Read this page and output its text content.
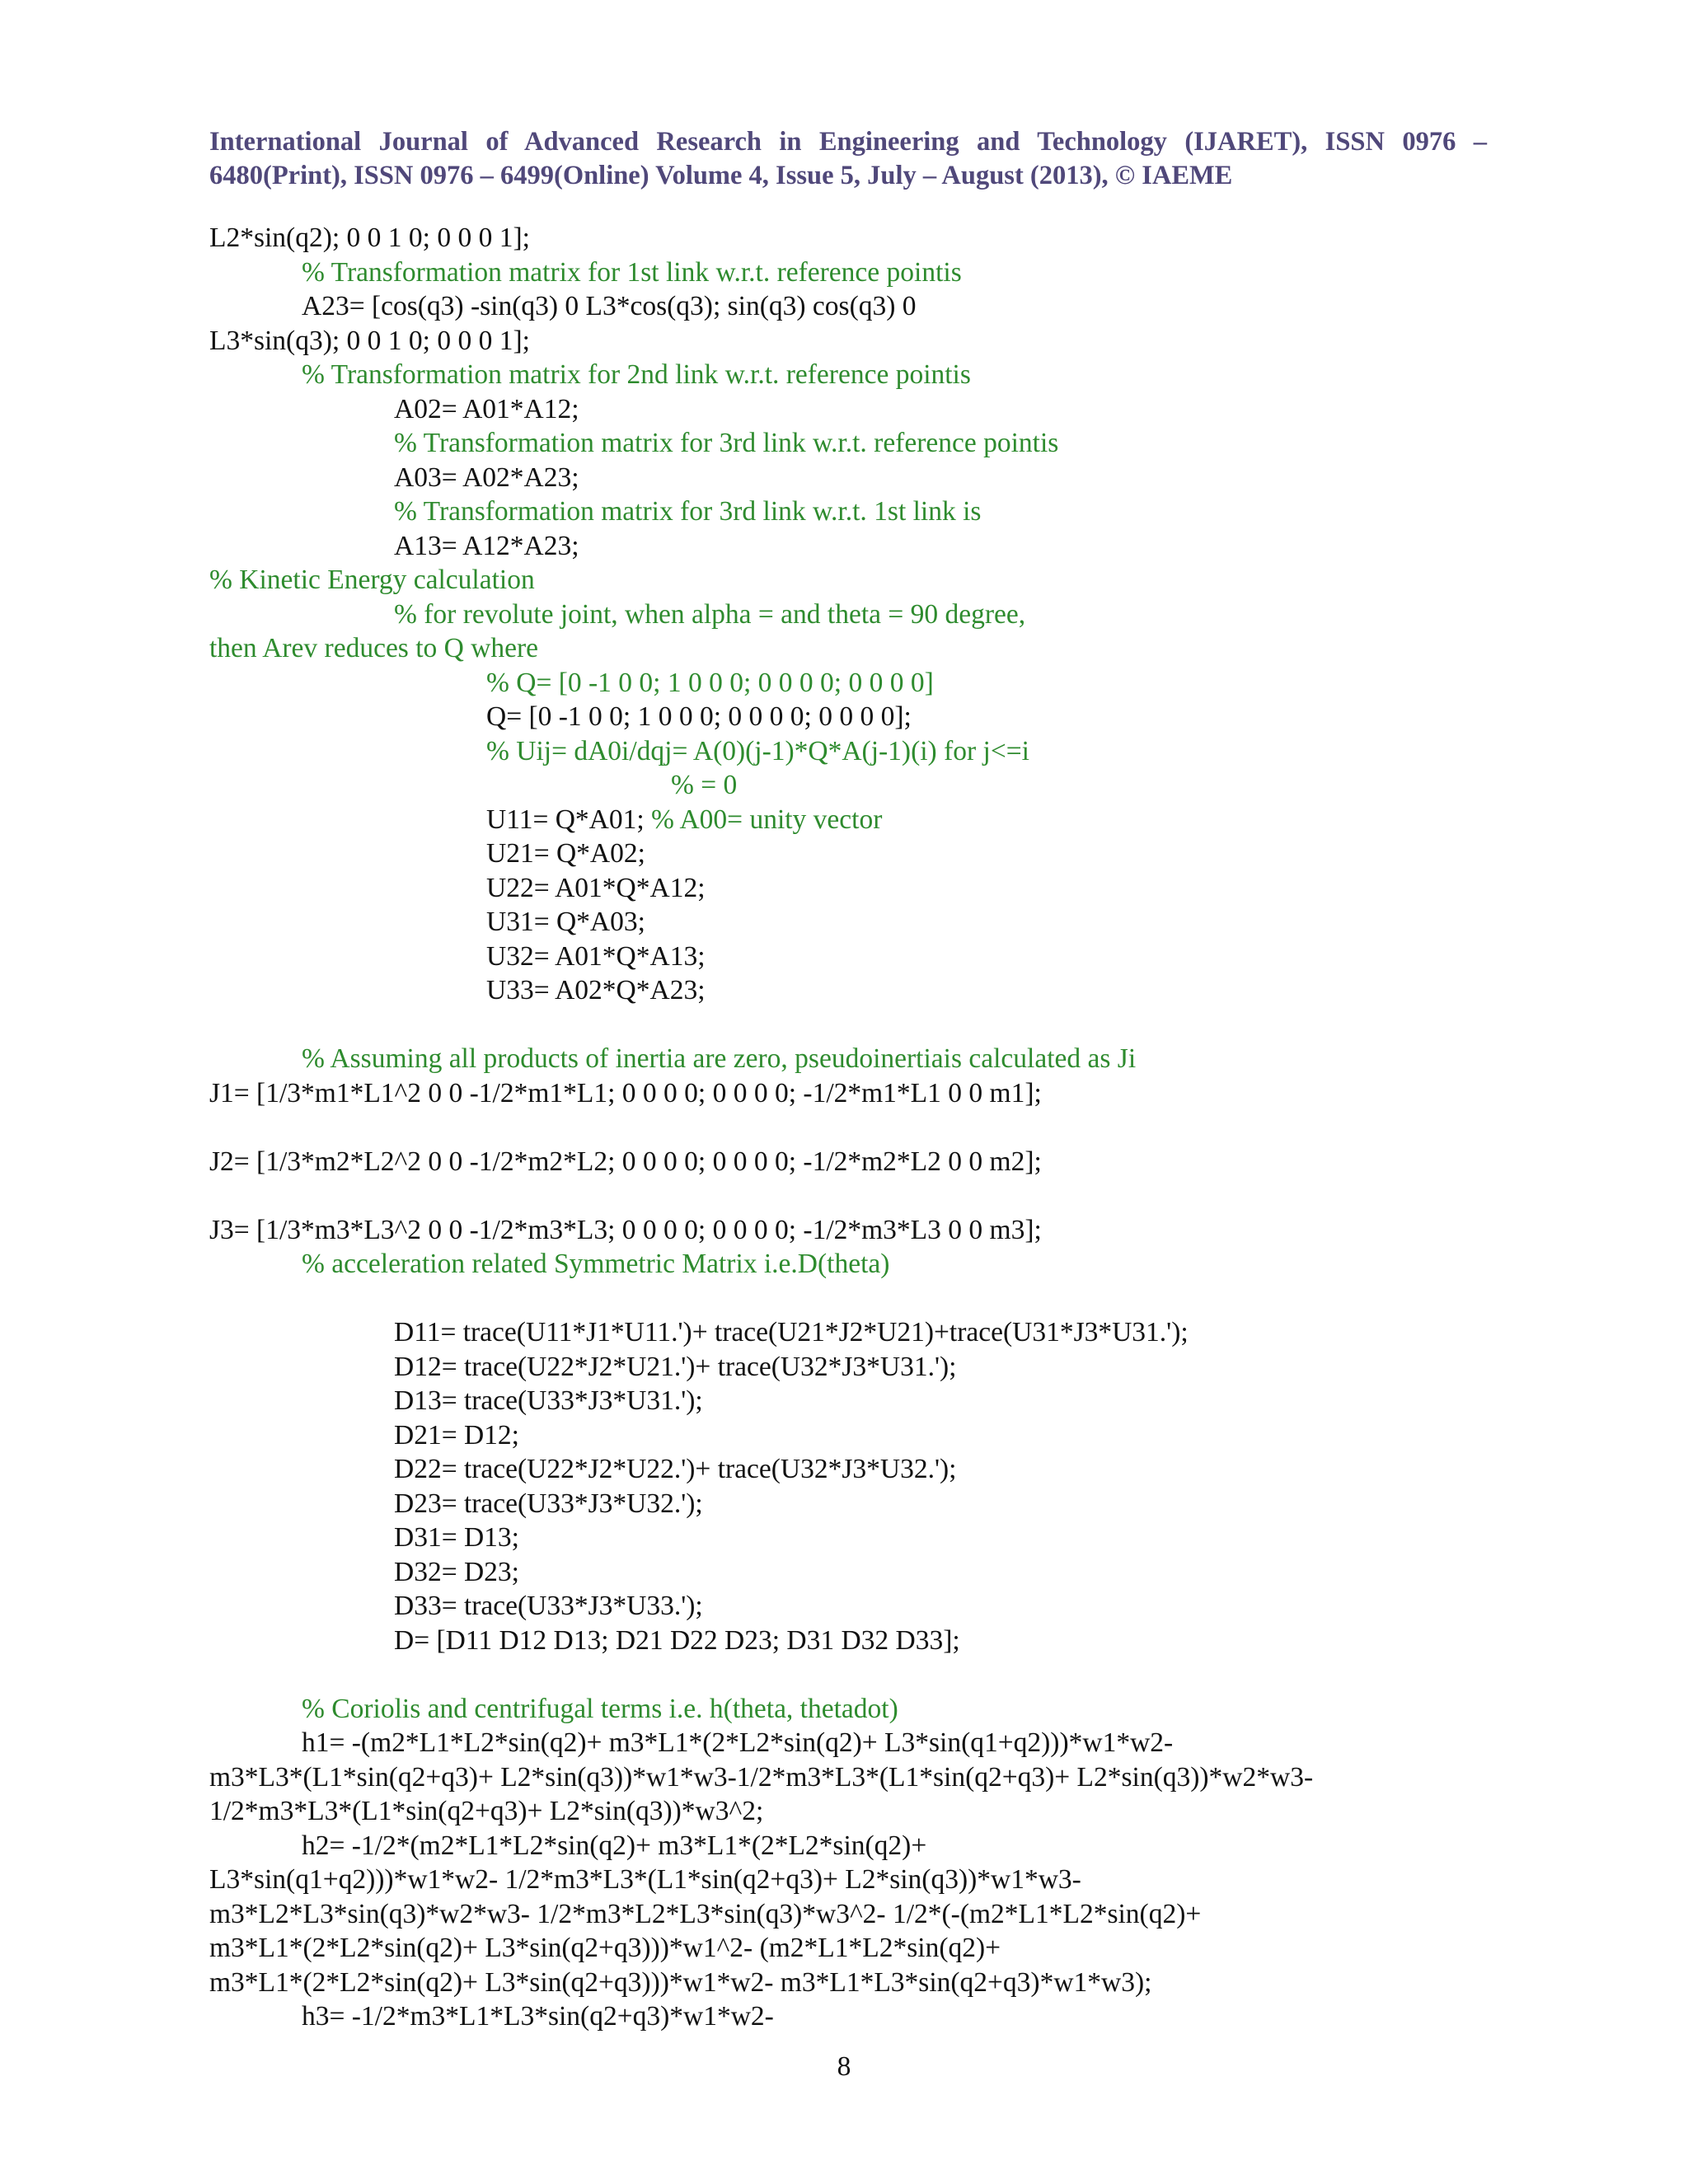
International Journal of Advanced Research in Engineering and Technology (IJARET), ISSN 0976 – 6480(Print), ISSN 0976 – 6499(Online) Volume 4, Issue 5, July – August (2013), © IAEME
L2*sin(q2); 0 0 1 0; 0 0 0 1];
% Transformation matrix for 1st link w.r.t. reference pointis
A23= [cos(q3) -sin(q3) 0 L3*cos(q3); sin(q3) cos(q3) 0
L3*sin(q3); 0 0 1 0; 0 0 0 1];
% Transformation matrix for 2nd link w.r.t. reference pointis
A02= A01*A12;
% Transformation matrix for 3rd link w.r.t. reference pointis
A03= A02*A23;
% Transformation matrix for 3rd link w.r.t. 1st link is
A13= A12*A23;
% Kinetic Energy calculation
% for revolute joint, when alpha = and theta = 90 degree,
then Arev reduces to Q where
% Q= [0 -1 0 0; 1 0 0 0; 0 0 0 0; 0 0 0 0]
Q= [0 -1 0 0; 1 0 0 0; 0 0 0 0; 0 0 0 0];
% Uij= dA0i/dqj= A(0)(j-1)*Q*A(j-1)(i) for j<=i
% = 0
U11= Q*A01; % A00= unity vector
U21= Q*A02;
U22= A01*Q*A12;
U31= Q*A03;
U32= A01*Q*A13;
U33= A02*Q*A23;
% Assuming all products of inertia are zero, pseudoinertiais calculated as Ji
J1= [1/3*m1*L1^2 0 0 -1/2*m1*L1; 0 0 0 0; 0 0 0 0; -1/2*m1*L1 0 0 m1];
J2= [1/3*m2*L2^2 0 0 -1/2*m2*L2; 0 0 0 0; 0 0 0 0; -1/2*m2*L2 0 0 m2];
J3= [1/3*m3*L3^2 0 0 -1/2*m3*L3; 0 0 0 0; 0 0 0 0; -1/2*m3*L3 0 0 m3];
% acceleration related Symmetric Matrix i.e.D(theta)
D11= trace(U11*J1*U11.')+ trace(U21*J2*U21)+trace(U31*J3*U31.');
D12= trace(U22*J2*U21.')+ trace(U32*J3*U31.');
D13= trace(U33*J3*U31.');
D21= D12;
D22= trace(U22*J2*U22.')+ trace(U32*J3*U32.');
D23= trace(U33*J3*U32.');
D31= D13;
D32= D23;
D33= trace(U33*J3*U33.');
D= [D11 D12 D13; D21 D22 D23; D31 D32 D33];
% Coriolis and centrifugal terms i.e. h(theta, thetadot)
h1= -(m2*L1*L2*sin(q2)+ m3*L1*(2*L2*sin(q2)+ L3*sin(q1+q2)))*w1*w2-
m3*L3*(L1*sin(q2+q3)+ L2*sin(q3))*w1*w3-1/2*m3*L3*(L1*sin(q2+q3)+ L2*sin(q3))*w2*w3-
1/2*m3*L3*(L1*sin(q2+q3)+ L2*sin(q3))*w3^2;
h2= -1/2*(m2*L1*L2*sin(q2)+ m3*L1*(2*L2*sin(q2)+
L3*sin(q1+q2)))*w1*w2- 1/2*m3*L3*(L1*sin(q2+q3)+ L2*sin(q3))*w1*w3-
m3*L2*L3*sin(q3)*w2*w3- 1/2*m3*L2*L3*sin(q3)*w3^2- 1/2*(-(m2*L1*L2*sin(q2)+
m3*L1*(2*L2*sin(q2)+ L3*sin(q2+q3)))*w1^2- (m2*L1*L2*sin(q2)+
m3*L1*(2*L2*sin(q2)+ L3*sin(q2+q3)))*w1*w2- m3*L1*L3*sin(q2+q3)*w1*w3);
h3= -1/2*m3*L1*L3*sin(q2+q3)*w1*w2-
8
